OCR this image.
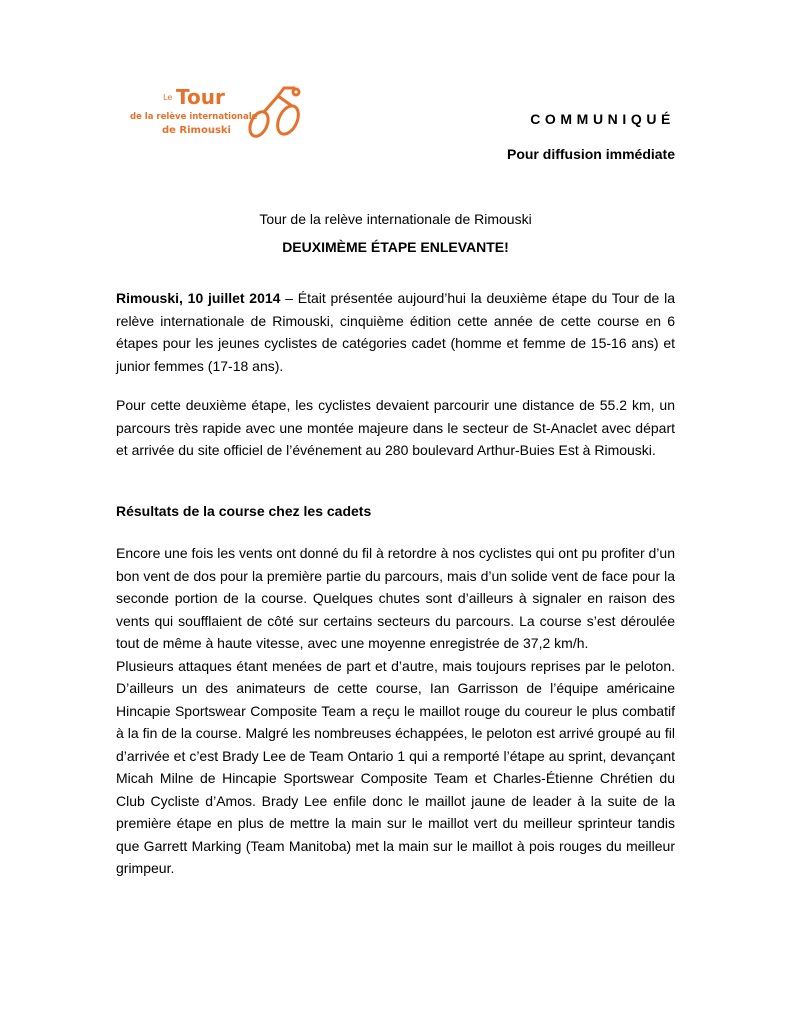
Le Tour
de la relève internationale
de Rimouski
COMMUNIQUÉ
Pour diffusion immédiate
Tour de la relève internationale de Rimouski
DEUXIMÈME ÉTAPE ENLEVANTE!

Rimouski, 10 juillet 2014 – Était présentée aujourd’hui la deuxième étape du Tour de la relève internationale de Rimouski, cinquième édition cette année de cette course en 6 étapes pour les jeunes cyclistes de catégories cadet (homme et femme de 15-16 ans) et junior femmes (17-18 ans).

Pour cette deuxième étape, les cyclistes devaient parcourir une distance de 55.2 km, un parcours très rapide avec une montée majeure dans le secteur de St-Anaclet avec départ et arrivée du site officiel de l’événement au 280 boulevard Arthur-Buies Est à Rimouski.

Résultats de la course chez les cadets

Encore une fois les vents ont donné du fil à retordre à nos cyclistes qui ont pu profiter d’un bon vent de dos pour la première partie du parcours, mais d’un solide vent de face pour la seconde portion de la course. Quelques chutes sont d’ailleurs à signaler en raison des vents qui soufflaient de côté sur certains secteurs du parcours. La course s’est déroulée tout de même à haute vitesse, avec une moyenne enregistrée de 37,2 km/h.

Plusieurs attaques étant menées de part et d’autre, mais toujours reprises par le peloton. D’ailleurs un des animateurs de cette course, Ian Garrisson de l’équipe américaine Hincapie Sportswear Composite Team a reçu le maillot rouge du coureur le plus combatif à la fin de la course. Malgré les nombreuses échappées, le peloton est arrivé groupé au fil d’arrivée et c’est Brady Lee de Team Ontario 1 qui a remporté l’étape au sprint, devançant Micah Milne de Hincapie Sportswear Composite Team et Charles-Étienne Chrétien du Club Cycliste d’Amos. Brady Lee enfile donc le maillot jaune de leader à la suite de la première étape en plus de mettre la main sur le maillot vert du meilleur sprinteur tandis que Garrett Marking (Team Manitoba) met la main sur le maillot à pois rouges du meilleur grimpeur.
